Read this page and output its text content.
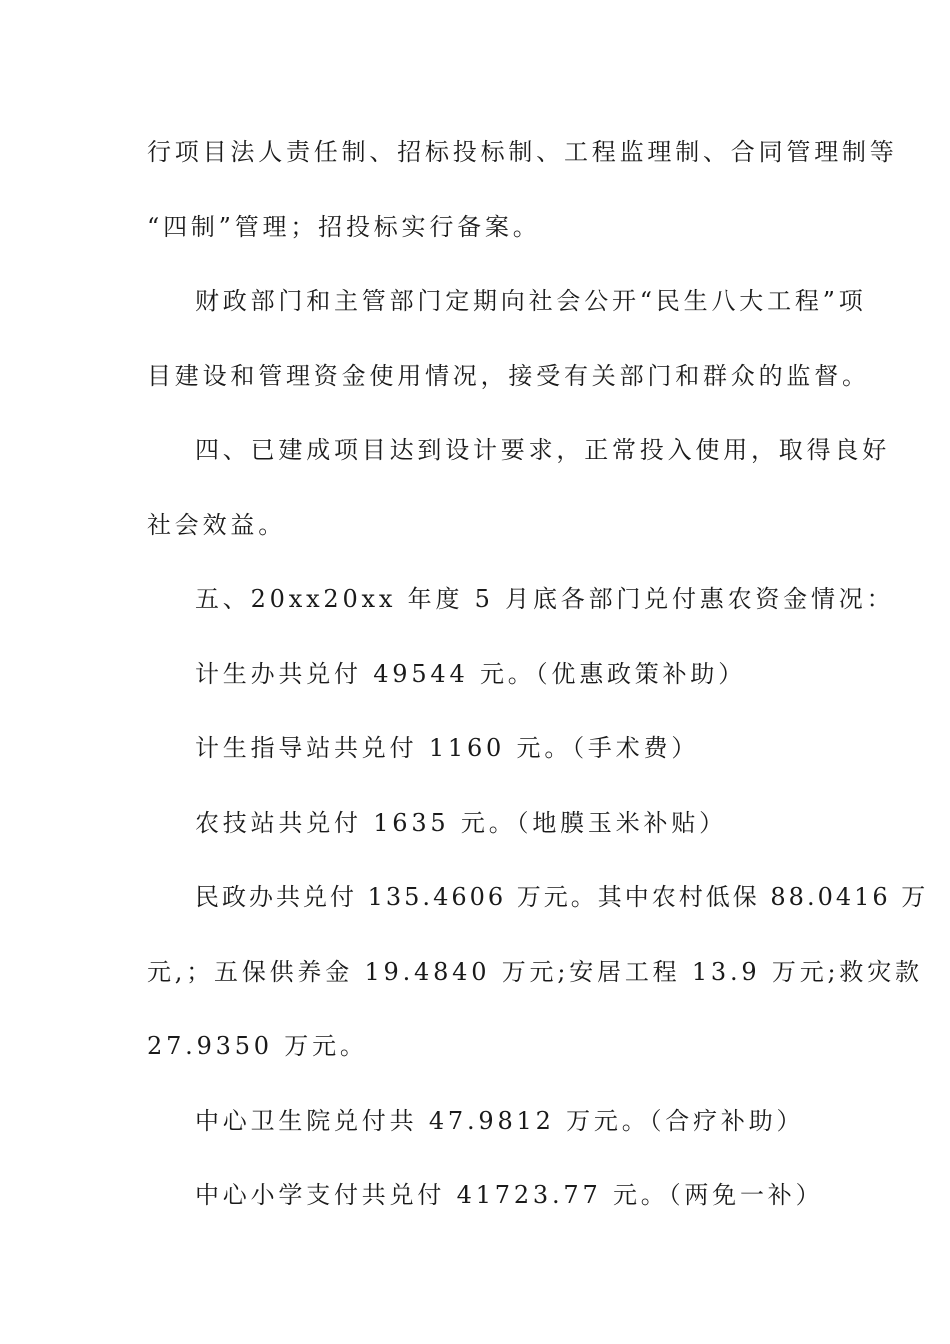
行项目法人责任制、招标投标制、工程监理制、合同管理制等
“四制”管理；招投标实行备案。
财政部门和主管部门定期向社会公开“民生八大工程”项
目建设和管理资金使用情况，接受有关部门和群众的监督。
四、已建成项目达到设计要求，正常投入使用，取得良好
社会效益。
五、20xx20xx 年度 5 月底各部门兑付惠农资金情况：
计生办共兑付 49544 元。（优惠政策补助）
计生指导站共兑付 1160 元。（手术费）
农技站共兑付 1635 元。（地膜玉米补贴）
民政办共兑付 135.4606 万元。其中农村低保 88.0416 万
元,；五保供养金 19.4840 万元;安居工程 13.9 万元;救灾款
27.9350 万元。
中心卫生院兑付共 47.9812 万元。（合疗补助）
中心小学支付共兑付 41723.77 元。（两免一补）
